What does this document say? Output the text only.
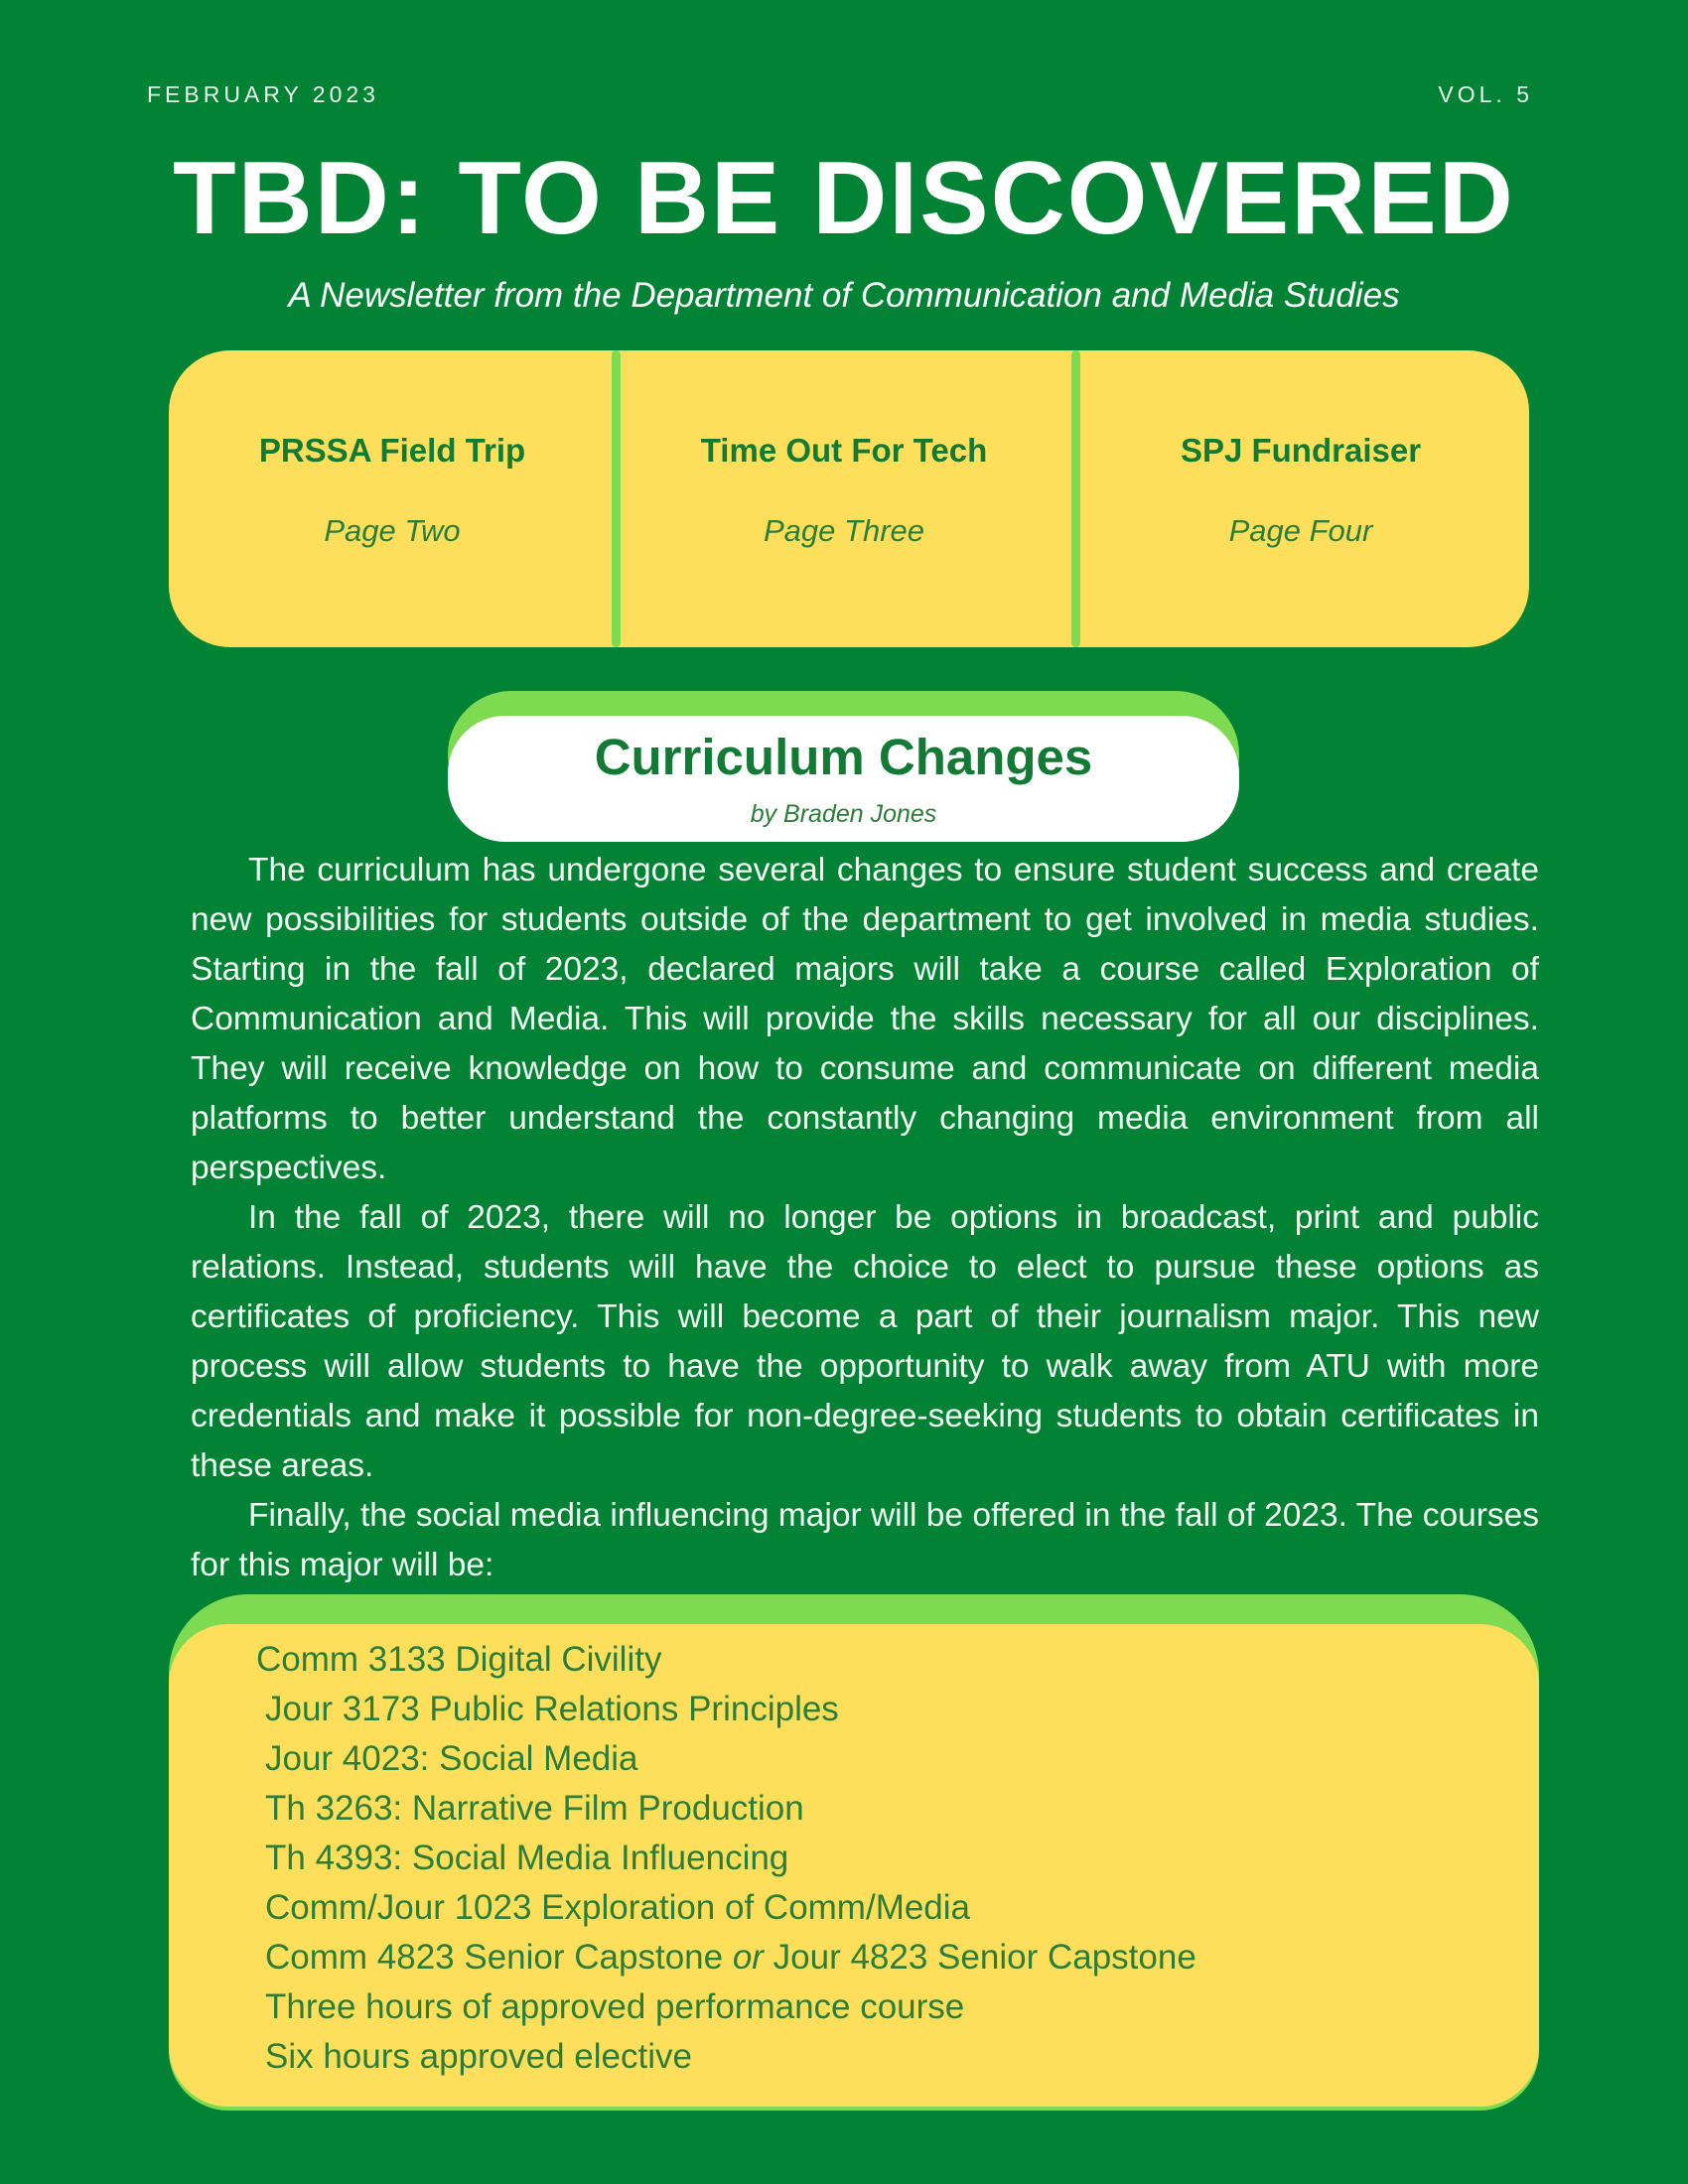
FEBRUARY 2023	VOL. 5
TBD: TO BE DISCOVERED
A Newsletter from the Department of Communication and Media Studies
PRSSA Field Trip
Page Two
Time Out For Tech
Page Three
SPJ Fundraiser
Page Four
Curriculum Changes
by Braden Jones

The curriculum has undergone several changes to ensure student success and create new possibilities for students outside of the department to get involved in media studies. Starting in the fall of 2023, declared majors will take a course called Exploration of Communication and Media. This will provide the skills necessary for all our disciplines. They will receive knowledge on how to consume and communicate on different media platforms to better understand the constantly changing media environment from all perspectives.

In the fall of 2023, there will no longer be options in broadcast, print and public relations. Instead, students will have the choice to elect to pursue these options as certificates of proficiency. This will become a part of their journalism major. This new process will allow students to have the opportunity to walk away from ATU with more credentials and make it possible for non-degree-seeking students to obtain certificates in these areas.

Finally, the social media influencing major will be offered in the fall of 2023. The courses for this major will be:

Comm 3133 Digital Civility
Jour 3173 Public Relations Principles
Jour 4023: Social Media
Th 3263: Narrative Film Production
Th 4393: Social Media Influencing
Comm/Jour 1023 Exploration of Comm/Media
Comm 4823 Senior Capstone or Jour 4823 Senior Capstone
Three hours of approved performance course
Six hours approved elective
